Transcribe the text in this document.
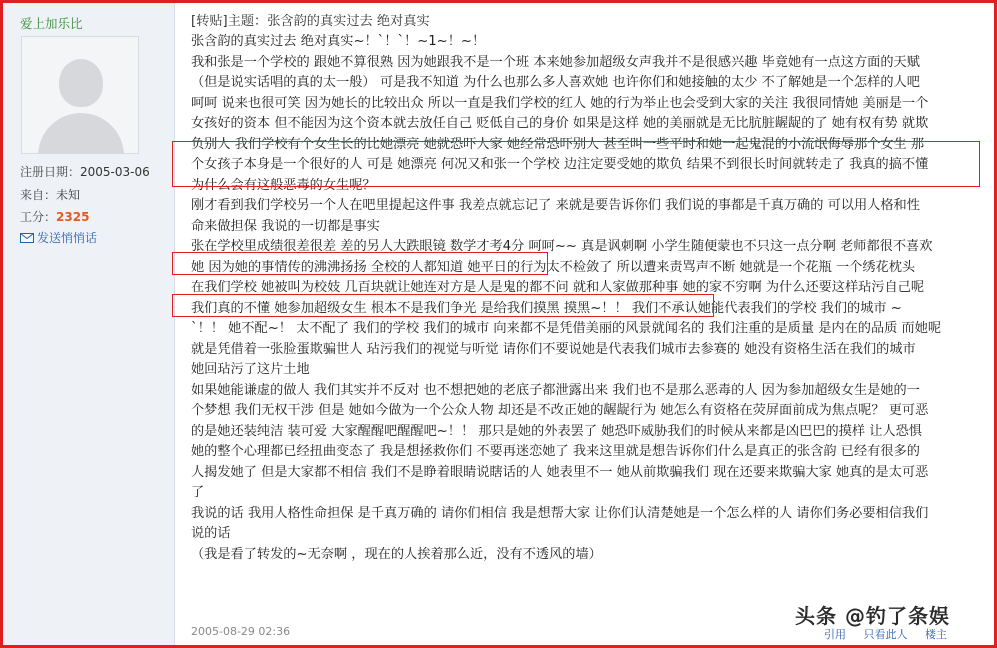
爱上加乐比
注册日期：2005-03-06
来自：未知
工分：2325
发送悄悄话
[转贴]主题：张含韵的真实过去 绝对真实

张含韵的真实过去 绝对真实~！`！`！~1~！~！

我和张是一个学校的 跟她不算很熟 因为她跟我不是一个班 本来她参加超级女声我并不是很感兴趣 毕竟她有一点这方面的天赋

（但是说实话唱的真的太一般） 可是我不知道 为什么也那么多人喜欢她 也许你们和她接触的太少 不了解她是一个怎样的人吧

呵呵 说来也很可笑 因为她长的比较出众 所以一直是我们学校的红人 她的行为举止也会受到大家的关注 我很同情她 美丽是一个

女孩好的资本 但不能因为这个资本就去放任自己 贬低自己的身价 如果是这样 她的美丽就是无比肮脏龌龊的了 她有权有势 就欺

负别人 我们学校有个女生长的比她漂亮 她就恐吓人家 她经常恐吓别人 甚至叫一些平时和她一起鬼混的小流氓侮辱那个女生 那

个女孩子本身是一个很好的人 可是 她漂亮 何况又和张一个学校 边注定要受她的欺负 结果不到很长时间就转走了 我真的搞不懂

为什么会有这般恶毒的女生呢？

刚才看到我们学校另一个人在吧里提起这件事 我差点就忘记了 来就是要告诉你们 我们说的事都是千真万确的 可以用人格和性

命来做担保 我说的一切都是事实

张在学校里成绩很差很差 差的另人大跌眼镜 数学才考4分 呵呵~~ 真是讽刺啊 小学生随便蒙也不只这一点分啊 老师都很不喜欢

她 因为她的事情传的沸沸扬扬 全校的人都知道 她平日的行为太不检敛了 所以遭来责骂声不断 她就是一个花瓶 一个绣花枕头

在我们学校 她被叫为校妓 几百块就让她连对方是人是鬼的都不问 就和人家做那种事 她的家不穷啊 为什么还要这样玷污自己呢

我们真的不懂 她参加超级女生 根本不是我们争光 是给我们摸黑 摸黑~！！ 我们不承认她能代表我们的学校 我们的城市 ~

`！！ 她不配~！ 太不配了 我们的学校 我们的城市 向来都不是凭借美丽的风景就闻名的 我们注重的是质量 是内在的品质 而她呢

就是凭借着一张脸蛋欺骗世人 玷污我们的视觉与听觉 请你们不要说她是代表我们城市去参赛的 她没有资格生活在我们的城市

她回玷污了这片土地

如果她能谦虚的做人 我们其实并不反对 也不想把她的老底子都泄露出来 我们也不是那么恶毒的人 因为参加超级女生是她的一

个梦想 我们无权干涉 但是 她如今做为一个公众人物 却还是不改正她的龌龊行为 她怎么有资格在荧屏面前成为焦点呢？ 更可恶

的是她还装纯洁 装可爱 大家醒醒吧醒醒吧~！！ 那只是她的外表罢了 她恐吓威胁我们的时候从来都是凶巴巴的摸样 让人恐惧

她的整个心理都已经扭曲变态了 我是想拯救你们 不要再迷恋她了 我来这里就是想告诉你们什么是真正的张含韵 已经有很多的

人揭发她了 但是大家都不相信 我们不是睁着眼睛说瞎话的人 她表里不一 她从前欺骗我们 现在还要来欺骗大家 她真的是太可恶

了

我说的话 我用人格性命担保 是千真万确的 请你们相信 我是想帮大家 让你们认清楚她是一个怎么样的人 请你们务必要相信我们

说的话

（我是看了转发的~无奈啊 ，现在的人挨着那么近，没有不透风的墙）

2005-08-29 02:36
头条 @钓了条娱
引用 只看此人 楼主
